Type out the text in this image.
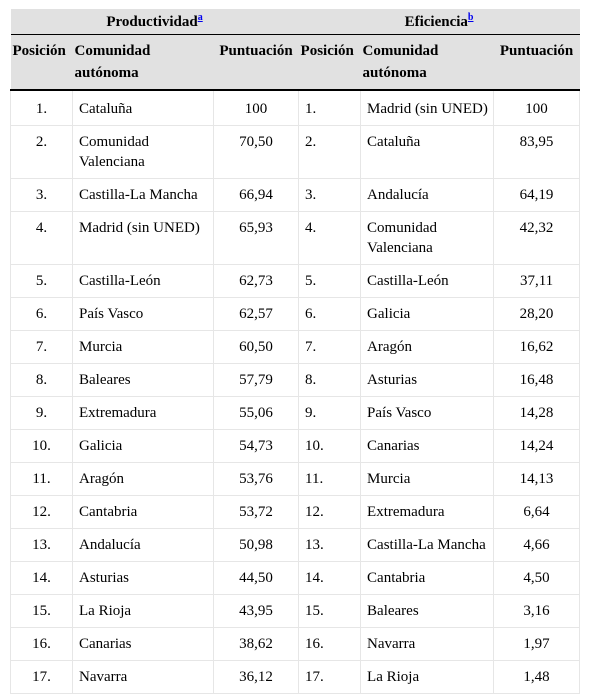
Productividad$^a$			Eficiencia$^b$
Posición	Comunidad autónoma	Puntuación	Posición	Comunidad autónoma	Puntuación
1.	Cataluña	100	1.	Madrid (sin UNED)	100
2.	Comunidad Valenciana	70,50	2.	Cataluña	83,95
3.	Castilla-La Mancha	66,94	3.	Andalucía	64,19
4.	Madrid (sin UNED)	65,93	4.	Comunidad Valenciana	42,32
5.	Castilla-León	62,73	5.	Castilla-León	37,11
6.	País Vasco	62,57	6.	Galicia	28,20
7.	Murcia	60,50	7.	Aragón	16,62
8.	Baleares	57,79	8.	Asturias	16,48
9.	Extremadura	55,06	9.	País Vasco	14,28
10.	Galicia	54,73	10.	Canarias	14,24
11.	Aragón	53,76	11.	Murcia	14,13
12.	Cantabria	53,72	12.	Extremadura	6,64
13.	Andalucía	50,98	13.	Castilla-La Mancha	4,66
14.	Asturias	44,50	14.	Cantabria	4,50
15.	La Rioja	43,95	15.	Baleares	3,16
16.	Canarias	38,62	16.	Navarra	1,97
17.	Navarra	36,12	17.	La Rioja	1,48
